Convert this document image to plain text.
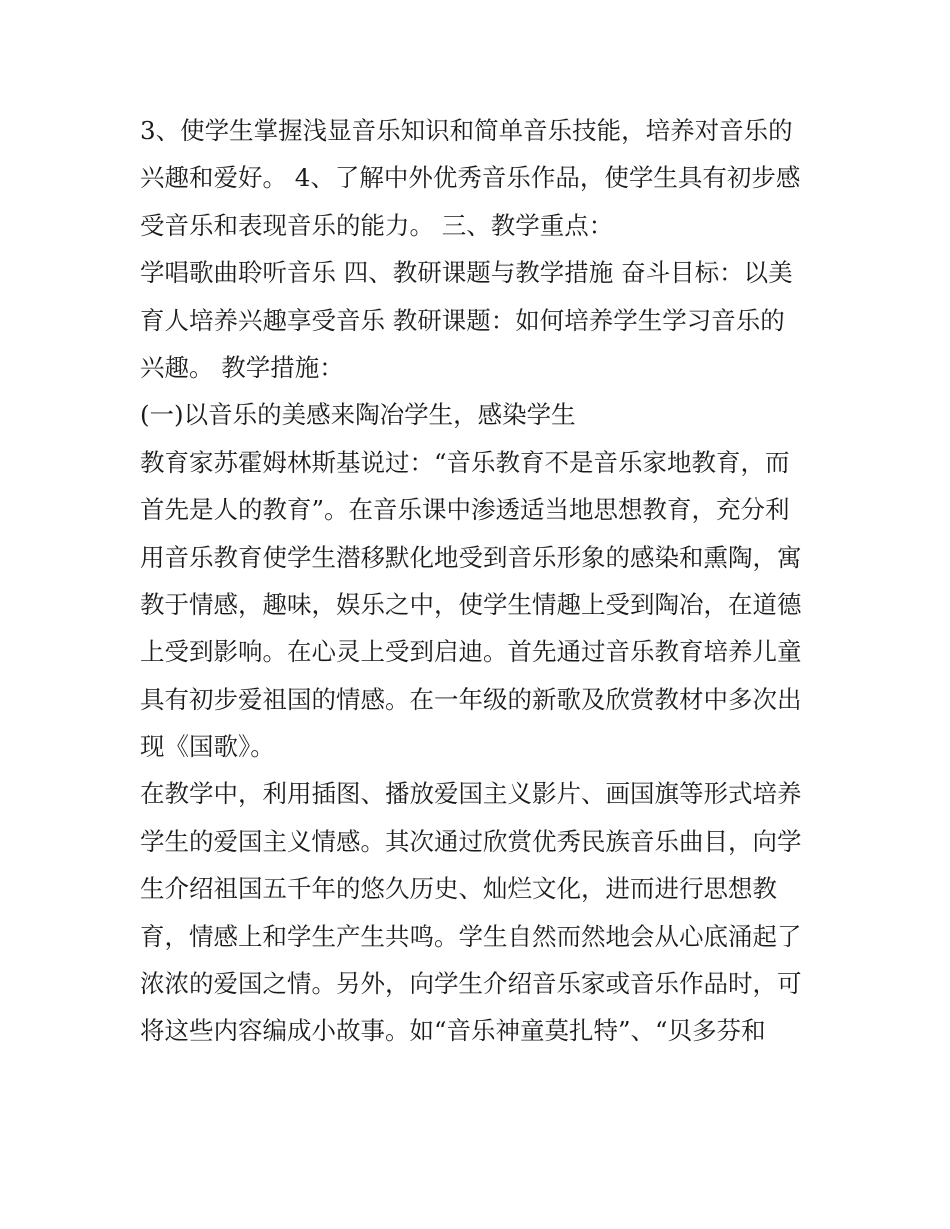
3、使学生掌握浅显音乐知识和简单音乐技能，培养对音乐的
兴趣和爱好。 4、了解中外优秀音乐作品，使学生具有初步感
受音乐和表现音乐的能力。 三、教学重点：
学唱歌曲聆听音乐 四、教研课题与教学措施 奋斗目标：以美
育人培养兴趣享受音乐 教研课题：如何培养学生学习音乐的
兴趣。 教学措施：
(一)以音乐的美感来陶冶学生，感染学生
教育家苏霍姆林斯基说过：“音乐教育不是音乐家地教育，而
首先是人的教育”。在音乐课中渗透适当地思想教育，充分利
用音乐教育使学生潜移默化地受到音乐形象的感染和熏陶，寓
教于情感，趣味，娱乐之中，使学生情趣上受到陶冶，在道德
上受到影响。在心灵上受到启迪。首先通过音乐教育培养儿童
具有初步爱祖国的情感。在一年级的新歌及欣赏教材中多次出
现《国歌》。
在教学中，利用插图、播放爱国主义影片、画国旗等形式培养
学生的爱国主义情感。其次通过欣赏优秀民族音乐曲目，向学
生介绍祖国五千年的悠久历史、灿烂文化，进而进行思想教
育，情感上和学生产生共鸣。学生自然而然地会从心底涌起了
浓浓的爱国之情。另外，向学生介绍音乐家或音乐作品时，可
将这些内容编成小故事。如“音乐神童莫扎特”、“贝多芬和
